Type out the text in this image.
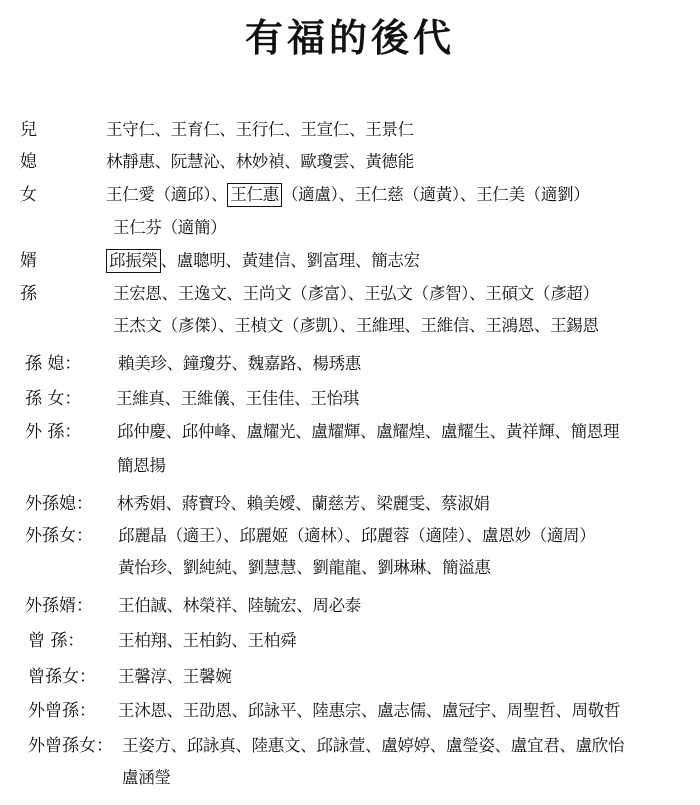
有福的後代
兒	王守仁、王育仁、王行仁、王宣仁、王景仁
媳	林靜惠、阮慧沁、林妙禎、歐瓊雲、黃德能
女	王仁愛（適邱）、 王仁惠 （適盧）、王仁慈（適黃）、王仁美（適劉）
王仁芬（適簡）
婿	邱振榮 、盧聰明、黃建信、劉富理、簡志宏
孫	王宏恩、王逸文、王尚文（彥富）、王弘文（彥智）、王碩文（彥超）
王杰文（彥傑）、王楨文（彥凱）、王維理、王維信、王鴻恩、王錫恩
孫 媳： 賴美珍、鐘瓊芬、魏嘉路、楊琇惠
孫 女： 王維真、王維儀、王佳佳、王怡琪
外 孫： 邱仲慶、邱仲峰、盧耀光、盧耀輝、盧耀煌、盧耀生、黃祥輝、簡恩理
簡恩揚
外孫媳： 林秀娟、蔣寶玲、賴美嬡、蘭慈芳、梁麗雯、蔡淑娟
外孫女： 邱麗晶（適王）、邱麗姬（適林）、邱麗蓉（適陸）、盧恩妙（適周）
黃怡珍、劉純純、劉慧慧、劉龍龍、劉琳琳、簡溢惠
外孫婿： 王伯誠、林榮祥、陸毓宏、周必泰
曾 孫： 王柏翔、王柏鈞、王柏舜
曾孫女： 王馨淳、王馨婉
外曾孫： 王沐恩、王劭恩、邱詠平、陸惠宗、盧志儒、盧冠宇、周聖哲、周敬哲
外曾孫女： 王姿方、邱詠真、陸惠文、邱詠萱、盧婷婷、盧瑩姿、盧宜君、盧欣怡
盧涵瑩
